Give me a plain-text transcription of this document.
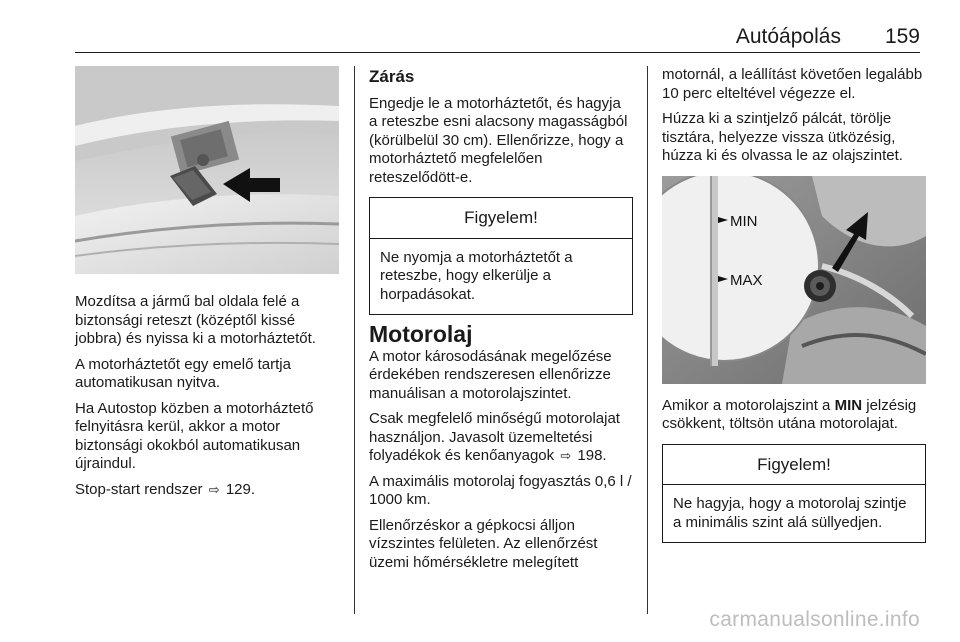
Autóápolás 159

Mozdítsa a jármű bal oldala felé a biztonsági reteszt (középtől kissé jobbra) és nyissa ki a motorháztetőt.

A motorháztetőt egy emelő tartja automatikusan nyitva.

Ha Autostop közben a motorháztető felnyitásra kerül, akkor a motor biztonsági okokból automatikusan újraindul.

Stop-start rendszer ⇨ 129.

Zárás

Engedje le a motorháztetőt, és hagyja a reteszbe esni alacsony magasságból (körülbelül 30 cm). Ellenőrizze, hogy a motorháztető megfelelően reteszelődött-e.

Figyelem!
Ne nyomja a motorháztetőt a reteszbe, hogy elkerülje a horpadásokat.
Motorolaj

A motor károsodásának megelőzése érdekében rendszeresen ellenőrizze manuálisan a motorolajszintet.

Csak megfelelő minőségű motorolajat használjon. Javasolt üzemeltetési folyadékok és kenőanyagok ⇨ 198.

A maximális motorolaj fogyasztás 0,6 l / 1000 km.

Ellenőrzéskor a gépkocsi álljon vízszintes felületen. Az ellenőrzést üzemi hőmérsékletre melegített

motornál, a leállítást követően legalább 10 perc elteltével végezze el.

Húzza ki a szintjelző pálcát, törölje tisztára, helyezze vissza ütközésig, húzza ki és olvassa le az olajszintet.

MIN
MAX

Amikor a motorolajszint a MIN jelzésig csökkent, töltsön utána motorolajat.

Figyelem!
Ne hagyja, hogy a motorolaj szintje a minimális szint alá süllyedjen.
carmanualsonline.info
